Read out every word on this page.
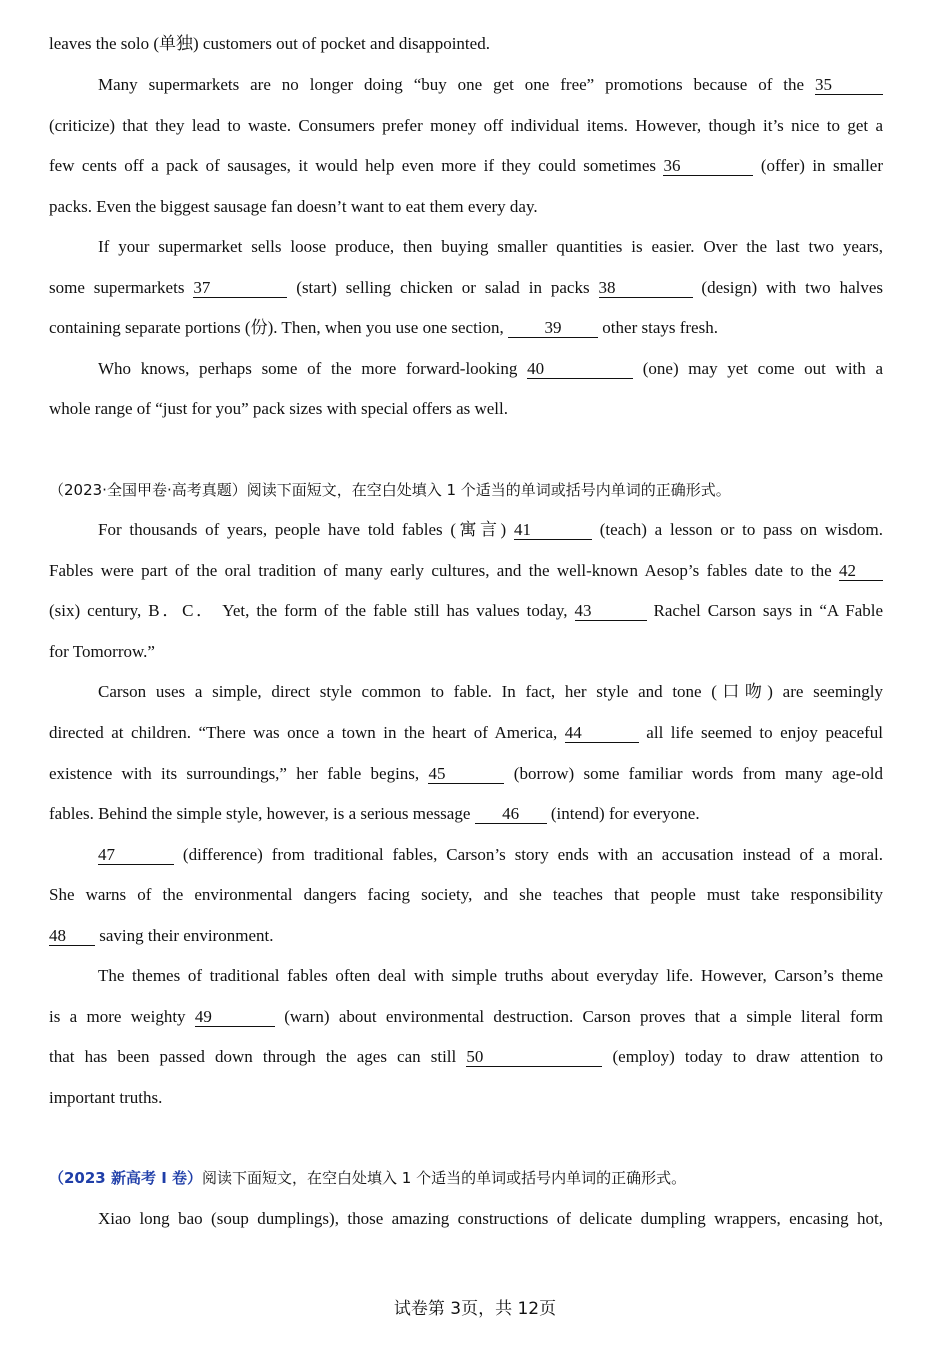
leaves the solo (单独) customers out of pocket and disappointed.
Many supermarkets are no longer doing “buy one get one free” promotions because of the 35
(criticize) that they lead to waste. Consumers prefer money off individual items. However, though it’s nice to get a
few cents off a pack of sausages, it would help even more if they could sometimes 36	(offer) in smaller
packs. Even the biggest sausage fan doesn’t want to eat them every day.
If your supermarket sells loose produce, then buying smaller quantities is easier. Over the last two years,
some supermarkets 37	(start) selling chicken or salad in packs 38	(design) with two halves
containing separate portions (份). Then, when you use one section, 39 other stays fresh.
Who knows, perhaps some of the more forward-looking 40	(one) may yet come out with a
whole range of “just for you” pack sizes with special offers as well.
（2023·全国甲卷·高考真题）阅读下面短文，在空白处填入 1 个适当的单词或括号内单词的正确形式。
For thousands of years, people have told fables (寓言) 41	(teach) a lesson or to pass on wisdom.
Fables were part of the oral tradition of many early cultures, and the well-known Aesop’s fables date to the 42
(six) century, B．C． Yet, the form of the fable still has values today, 43	Rachel Carson says in “A Fable
for Tomorrow.”
Carson uses a simple, direct style common to fable. In fact, her style and tone (口吻) are seemingly
directed at children. “There was once a town in the heart of America, 44	all life seemed to enjoy peaceful
existence with its surroundings,” her fable begins, 45	(borrow) some familiar words from many age-old
fables. Behind the simple style, however, is a serious message 46 (intend) for everyone.
47	(difference) from traditional fables, Carson’s story ends with an accusation instead of a moral.
She warns of the environmental dangers facing society, and she teaches that people must take responsibility
48 saving their environment.
The themes of traditional fables often deal with simple truths about everyday life. However, Carson’s theme
is a more weighty 49	(warn) about environmental destruction. Carson proves that a simple literal form
that has been passed down through the ages can still 50	(employ) today to draw attention to
important truths.
（2023 新高考 I 卷）阅读下面短文，在空白处填入 1 个适当的单词或括号内单词的正确形式。
Xiao long bao (soup dumplings), those amazing constructions of delicate dumpling wrappers, encasing hot,
试卷第 3页，共 12页
